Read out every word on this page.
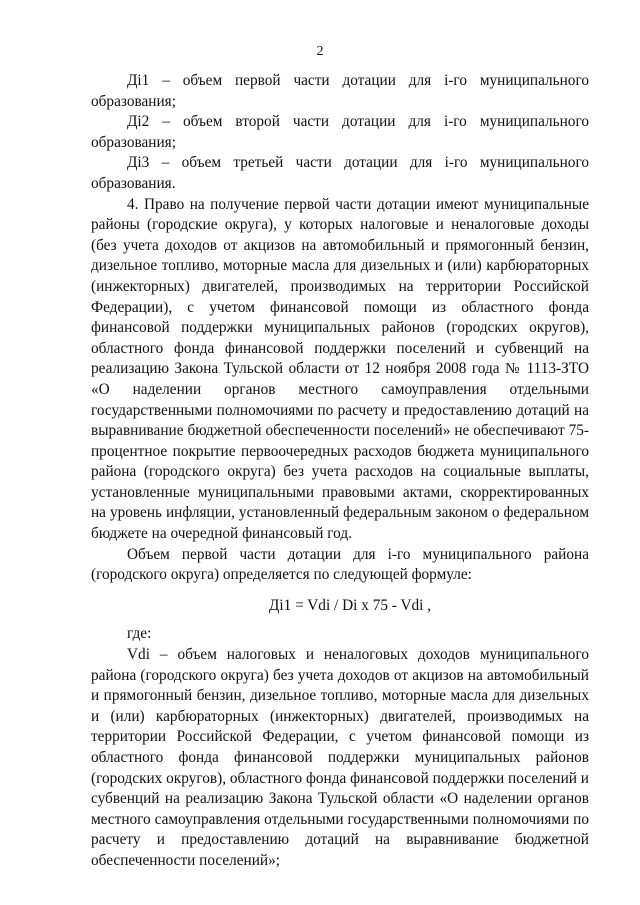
2

Дi1 – объем первой части дотации для i-го муниципального образования;

Дi2 – объем второй части дотации для i-го муниципального образования;

Дi3 – объем третьей части дотации для i-го муниципального образования.

4. Право на получение первой части дотации имеют муниципальные районы (городские округа), у которых налоговые и неналоговые доходы (без учета доходов от акцизов на автомобильный и прямогонный бензин, дизельное топливо, моторные масла для дизельных и (или) карбюраторных (инжекторных) двигателей, производимых на территории Российской Федерации), с учетом финансовой помощи из областного фонда финансовой поддержки муниципальных районов (городских округов), областного фонда финансовой поддержки поселений и субвенций на реализацию Закона Тульской области от 12 ноября 2008 года № 1113-ЗТО «О наделении органов местного самоуправления отдельными государственными полномочиями по расчету и предоставлению дотаций на выравнивание бюджетной обеспеченности поселений» не обеспечивают 75-процентное покрытие первоочередных расходов бюджета муниципального района (городского округа) без учета расходов на социальные выплаты, установленные муниципальными правовыми актами, скорректированных на уровень инфляции, установленный федеральным законом о федеральном бюджете на очередной финансовый год.

Объем первой части дотации для i-го муниципального района (городского округа) определяется по следующей формуле:

Дi1 = Vdi / Di x 75 - Vdi ,

где:

Vdi – объем налоговых и неналоговых доходов муниципального района (городского округа) без учета доходов от акцизов на автомобильный и прямогонный бензин, дизельное топливо, моторные масла для дизельных и (или) карбюраторных (инжекторных) двигателей, производимых на территории Российской Федерации, с учетом финансовой помощи из областного фонда финансовой поддержки муниципальных районов (городских округов), областного фонда финансовой поддержки поселений и субвенций на реализацию Закона Тульской области «О наделении органов местного самоуправления отдельными государственными полномочиями по расчету и предоставлению дотаций на выравнивание бюджетной обеспеченности поселений»;
